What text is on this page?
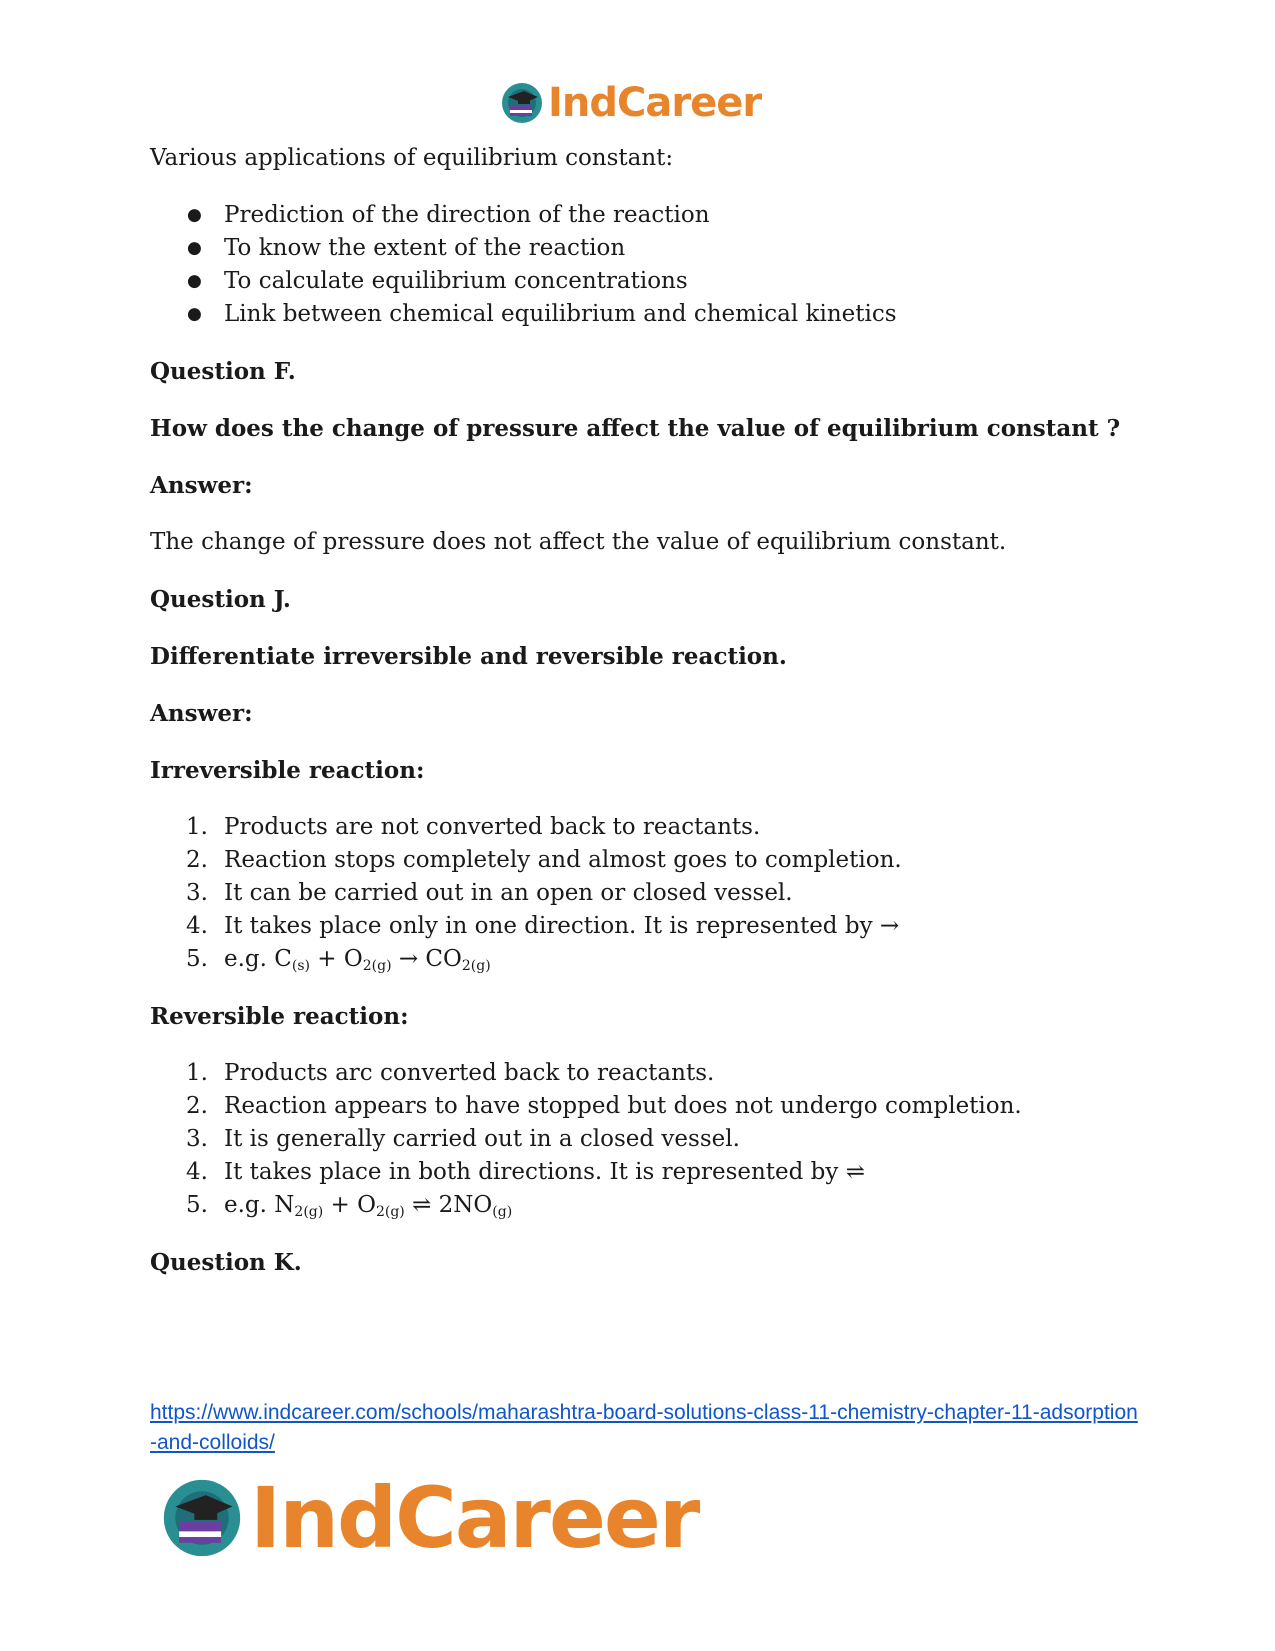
IndCareer

Various applications of equilibrium constant:

● Prediction of the direction of the reaction
● To know the extent of the reaction
● To calculate equilibrium concentrations
● Link between chemical equilibrium and chemical kinetics

Question F.

How does the change of pressure affect the value of equilibrium constant ?

Answer:

The change of pressure does not affect the value of equilibrium constant.

Question J.

Differentiate irreversible and reversible reaction.

Answer:

Irreversible reaction:

1. Products are not converted back to reactants.
2. Reaction stops completely and almost goes to completion.
3. It can be carried out in an open or closed vessel.
4. It takes place only in one direction. It is represented by →
5. e.g. $C_{(s)} + O_{2(g)} \to CO_{2(g)}$

Reversible reaction:

1. Products arc converted back to reactants.
2. Reaction appears to have stopped but does not undergo completion.
3. It is generally carried out in a closed vessel.
4. It takes place in both directions. It is represented by ⇌
5. e.g. $N_{2(g)} + O_{2(g)}$ ⇌ $2NO_{(g)}$

Question K.

https://www.indcareer.com/schools/maharashtra-board-solutions-class-11-chemistry-chapter-11-adsorption-and-colloids/
IndCareer
